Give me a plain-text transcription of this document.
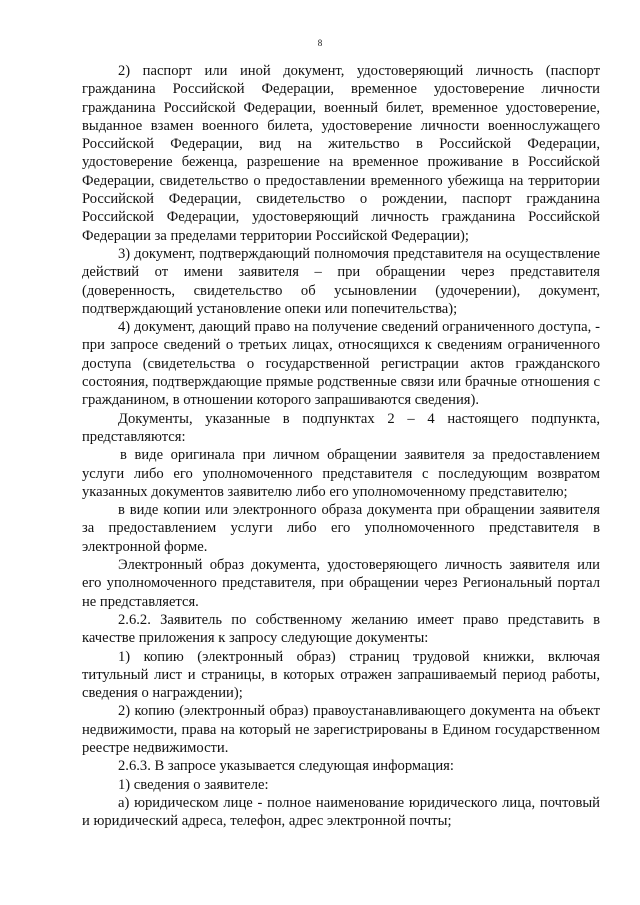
8

2) паспорт или иной документ, удостоверяющий личность (паспорт гражданина Российской Федерации, временное удостоверение личности гражданина Российской Федерации, военный билет, временное удостоверение, выданное взамен военного билета, удостоверение личности военнослужащего Российской Федерации, вид на жительство в Российской Федерации, удостоверение беженца, разрешение на временное проживание в Российской Федерации, свидетельство о предоставлении временного убежища на территории Российской Федерации, свидетельство о рождении, паспорт гражданина Российской Федерации, удостоверяющий личность гражданина Российской Федерации за пределами территории Российской Федерации);

3) документ, подтверждающий полномочия представителя на осуществление действий от имени заявителя – при обращении через представителя (доверенность, свидетельство об усыновлении (удочерении), документ, подтверждающий установление опеки или попечительства);

4) документ, дающий право на получение сведений ограниченного доступа, - при запросе сведений о третьих лицах, относящихся к сведениям ограниченного доступа (свидетельства о государственной регистрации актов гражданского состояния, подтверждающие прямые родственные связи или брачные отношения с гражданином, в отношении которого запрашиваются сведения).

Документы, указанные в подпунктах 2 – 4 настоящего подпункта, представляются:

в виде оригинала при личном обращении заявителя за предоставлением услуги либо его уполномоченного представителя с последующим возвратом указанных документов заявителю либо его уполномоченному представителю;

в виде копии или электронного образа документа при обращении заявителя за предоставлением услуги либо его уполномоченного представителя в электронной форме.

Электронный образ документа, удостоверяющего личность заявителя или его уполномоченного представителя, при обращении через Региональный портал не представляется.

2.6.2. Заявитель по собственному желанию имеет право представить в качестве приложения к запросу следующие документы:

1) копию (электронный образ) страниц трудовой книжки, включая титульный лист и страницы, в которых отражен запрашиваемый период работы, сведения о награждении);

2) копию (электронный образ) правоустанавливающего документа на объект недвижимости, права на который не зарегистрированы в Едином государственном реестре недвижимости.

2.6.3. В запросе указывается следующая информация:

1) сведения о заявителе:

а) юридическом лице - полное наименование юридического лица, почтовый и юридический адреса, телефон, адрес электронной почты;
